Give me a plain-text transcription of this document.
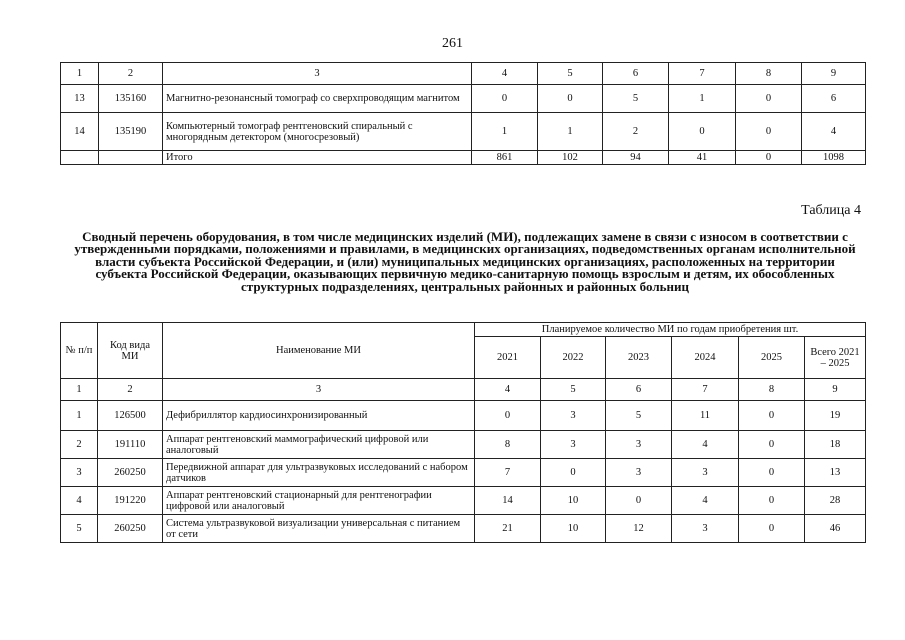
261
1	2	3	4	5	6	7	8	9
13	135160	Магнитно-резонансный томограф со сверхпроводящим магнитом	0	0	5	1	0	6
14	135190	Компьютерный томограф рентгеновский спиральный с многорядным детектором (многосрезовый)	1	1	2	0	0	4
		Итого	861	102	94	41	0	1098
Таблица 4
Сводный перечень оборудования, в том числе медицинских изделий (МИ), подлежащих замене в связи с износом в соответствии с утвержденными порядками, положениями и правилами, в медицинских организациях, подведомственных органам исполнительной власти субъекта Российской Федерации, и (или) муниципальных медицинских организациях, расположенных на территории субъекта Российской Федерации, оказывающих первичную медико-санитарную помощь взрослым и детям, их обособленных структурных подразделениях, центральных районных и районных больниц
№ п/п	Код вида МИ	Наименование МИ	Планируемое количество МИ по годам приобретения шт.					
			2021	2022	2023	2024	2025	Всего 2021 – 2025
1	2	3	4	5	6	7	8	9
1	126500	Дефибриллятор кардиосинхронизированный	0	3	5	11	0	19
2	191110	Аппарат рентгеновский маммографический цифровой или аналоговый	8	3	3	4	0	18
3	260250	Передвижной аппарат для ультразвуковых исследований с набором датчиков	7	0	3	3	0	13
4	191220	Аппарат рентгеновский стационарный для рентгенографии цифровой или аналоговый	14	10	0	4	0	28
5	260250	Система ультразвуковой визуализации универсальная с питанием от сети	21	10	12	3	0	46
